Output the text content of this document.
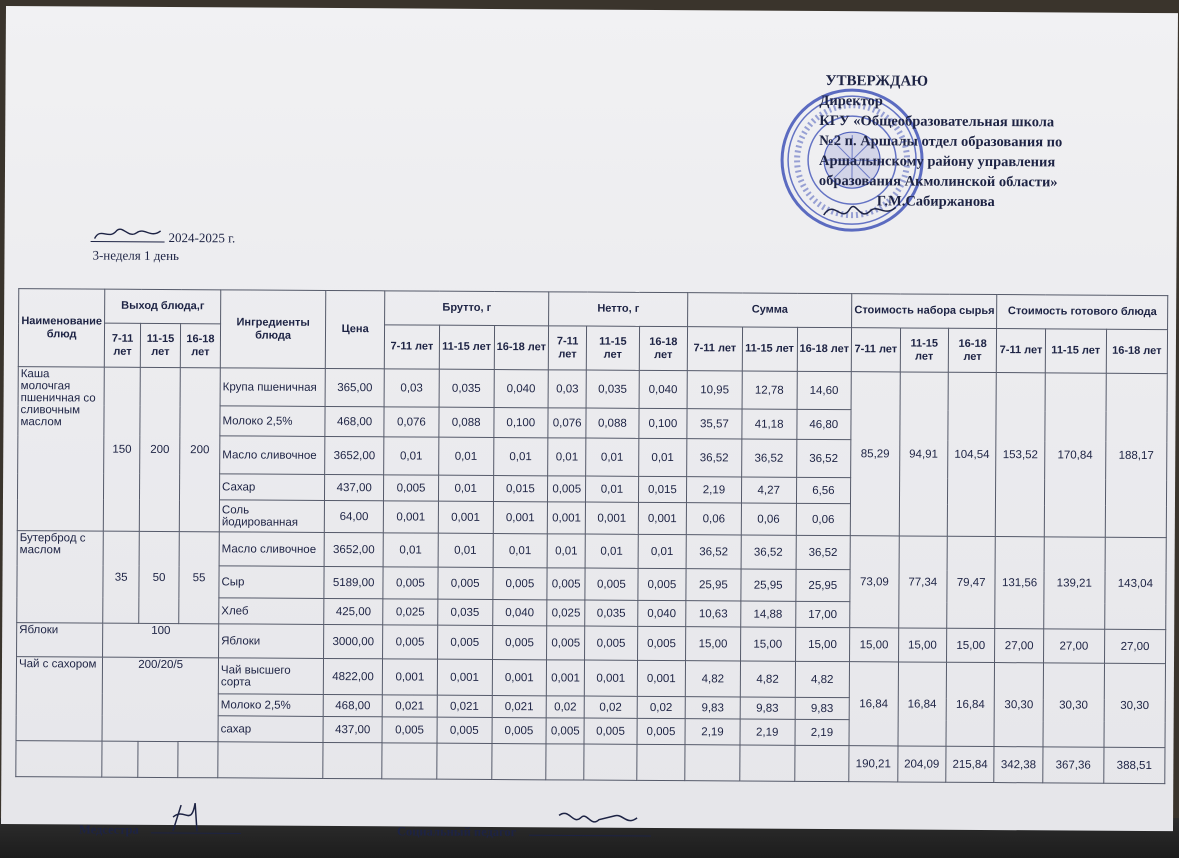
УТВЕРЖДАЮ
Директор
КГУ «Общеобразовательная школа
№2 п. Аршалы отдел образования по
Аршалынскому району управления
образования Акмолинской области»
Г.М.Сабиржанова
2024-2025 г.
3-неделя 1 день
Наименование блюд	Выход блюда,г			Ингредиенты блюда	Цена	Брутто, г			Нетто, г			Сумма			Стоимость набора сырья			Стоимость готового блюда		
	7-11 лет	11-15 лет	16-18 лет			7-11 лет	11-15 лет	16-18 лет	7-11 лет	11-15 лет	16-18 лет	7-11 лет	11-15 лет	16-18 лет	7-11 лет	11-15 лет	16-18 лет	7-11 лет	11-15 лет	16-18 лет
Каша молочгая пшеничная со сливочным маслом	150	200	200	Крупа пшеничная	365,00	0,03	0,035	0,040	0,03	0,035	0,040	10,95	12,78	14,60	85,29	94,91	104,54	153,52	170,84	188,17
				Молоко 2,5%	468,00	0,076	0,088	0,100	0,076	0,088	0,100	35,57	41,18	46,80						
				Масло сливочное	3652,00	0,01	0,01	0,01	0,01	0,01	0,01	36,52	36,52	36,52						
				Сахар	437,00	0,005	0,01	0,015	0,005	0,01	0,015	2,19	4,27	6,56						
				Соль йодированная	64,00	0,001	0,001	0,001	0,001	0,001	0,001	0,06	0,06	0,06						
Бутерброд с маслом	35	50	55	Масло сливочное	3652,00	0,01	0,01	0,01	0,01	0,01	0,01	36,52	36,52	36,52	73,09	77,34	79,47	131,56	139,21	143,04
				Сыр	5189,00	0,005	0,005	0,005	0,005	0,005	0,005	25,95	25,95	25,95						
				Хлеб	425,00	0,025	0,035	0,040	0,025	0,035	0,040	10,63	14,88	17,00						
Яблоки	100			Яблоки	3000,00	0,005	0,005	0,005	0,005	0,005	0,005	15,00	15,00	15,00	15,00	15,00	15,00	27,00	27,00	27,00
Чай с сахором	200/20/5			Чай высшего сорта	4822,00	0,001	0,001	0,001	0,001	0,001	0,001	4,82	4,82	4,82	16,84	16,84	16,84	30,30	30,30	30,30
				Молоко 2,5%	468,00	0,021	0,021	0,021	0,02	0,02	0,02	9,83	9,83	9,83						
				сахар	437,00	0,005	0,005	0,005	0,005	0,005	0,005	2,19	2,19	2,19						
															190,21	204,09	215,84	342,38	367,36	388,51
Медсестра	Социальный педагог
